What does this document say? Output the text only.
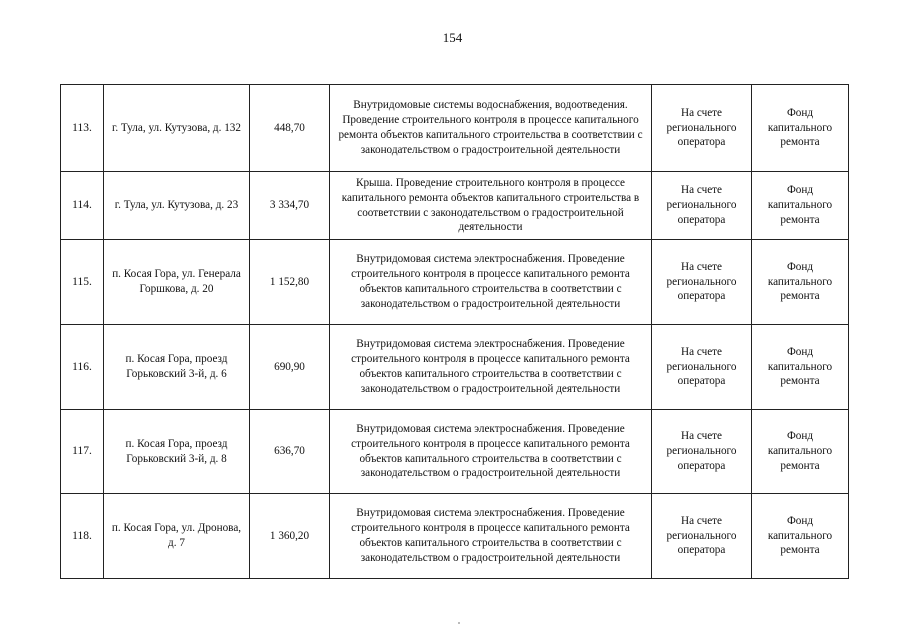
154
113.	г. Тула, ул. Кутузова, д. 132	448,70	Внутридомовые системы водоснабжения, водоотведения. Проведение строительного контроля в процессе капитального ремонта объектов капитального строительства в соответствии с законодательством о градостроительной деятельности	На счете регионального оператора	Фонд капитального ремонта
114.	г. Тула, ул. Кутузова, д. 23	3 334,70	Крыша. Проведение строительного контроля в процессе капитального ремонта объектов капитального строительства в соответствии с законодательством о градостроительной деятельности	На счете регионального оператора	Фонд капитального ремонта
115.	п. Косая Гора, ул. Генерала Горшкова, д. 20	1 152,80	Внутридомовая система электроснабжения. Проведение строительного контроля в процессе капитального ремонта объектов капитального строительства в соответствии с законодательством о градостроительной деятельности	На счете регионального оператора	Фонд капитального ремонта
116.	п. Косая Гора, проезд Горьковский 3-й, д. 6	690,90	Внутридомовая система электроснабжения. Проведение строительного контроля в процессе капитального ремонта объектов капитального строительства в соответствии с законодательством о градостроительной деятельности	На счете регионального оператора	Фонд капитального ремонта
117.	п. Косая Гора, проезд Горьковский 3-й, д. 8	636,70	Внутридомовая система электроснабжения. Проведение строительного контроля в процессе капитального ремонта объектов капитального строительства в соответствии с законодательством о градостроительной деятельности	На счете регионального оператора	Фонд капитального ремонта
118.	п. Косая Гора, ул. Дронова, д. 7	1 360,20	Внутридомовая система электроснабжения. Проведение строительного контроля в процессе капитального ремонта объектов капитального строительства в соответствии с законодательством о градостроительной деятельности	На счете регионального оператора	Фонд капитального ремонта
